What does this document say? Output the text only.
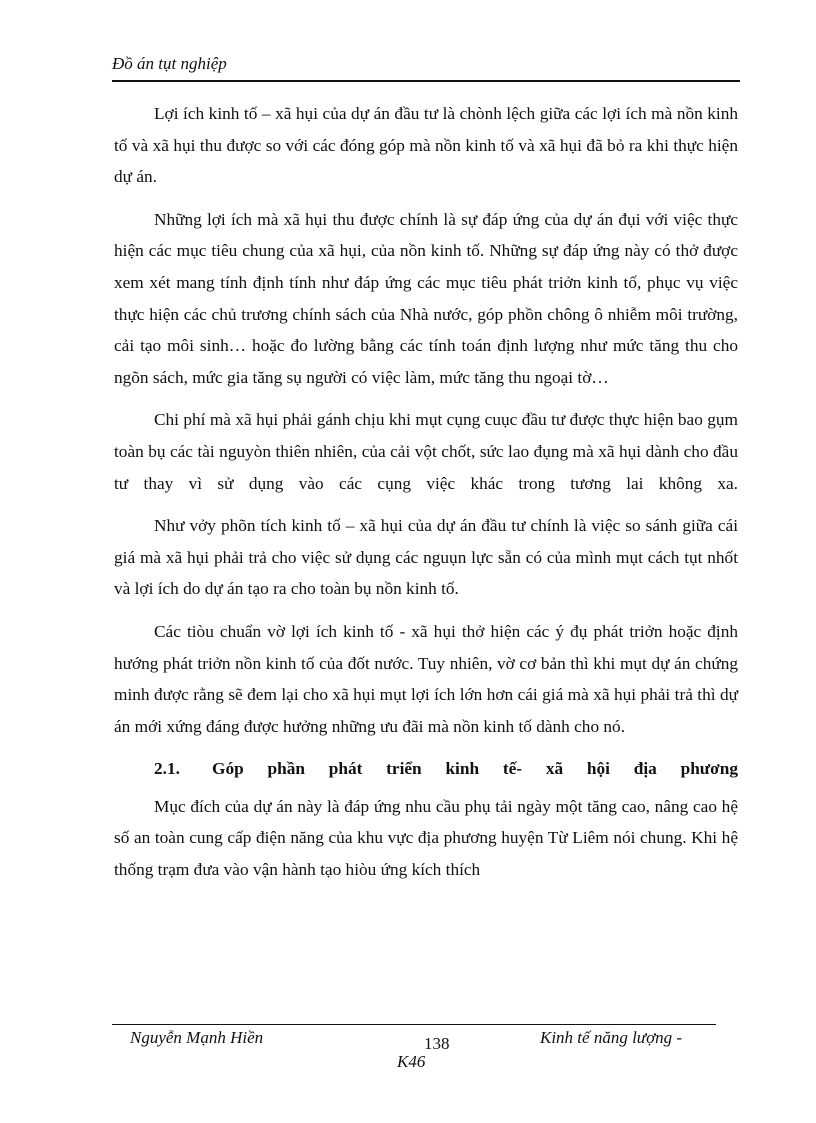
Đồ án tụt nghiệp

Lợi ích kinh tố – xã hụi của dự án đầu tư là chònh lệch giữa các lợi ích mà nồn kinh tố và xã hụi thu được so với các đóng góp mà nồn kinh tố và xã hụi đã bỏ ra khi thực hiện dự án.

Những lợi ích mà xã hụi thu được chính là sự đáp ứng của dự án đụi với việc thực hiện các mục tiêu chung của xã hụi, của nồn kinh tố. Những sự đáp ứng này có thở được xem xét mang tính định tính như đáp ứng các mục tiêu phát triởn kinh tố, phục vụ việc thực hiện các chủ trương chính sách của Nhà nước, góp phồn chông ô nhiễm môi trường, cải tạo môi sinh… hoặc đo lường bằng các tính toán định lượng như mức tăng thu cho ngõn sách, mức gia tăng sụ người có việc làm, mức tăng thu ngoại tờ…

Chi phí mà xã hụi phải gánh chịu khi mụt cụng cuục đầu tư được thực hiện bao gụm toàn bụ các tài nguyòn thiên nhiên, của cải vột chốt, sức lao đụng mà xã hụi dành cho đầu tư thay vì sử dụng vào các cụng việc khác trong tương lai không xa.

Như vởy phõn tích kinh tố – xã hụi của dự án đầu tư chính là việc so sánh giữa cái giá mà xã hụi phải trả cho việc sử dụng các nguụn lực sẵn có của mình mụt cách tụt nhốt và lợi ích do dự án tạo ra cho toàn bụ nồn kinh tố.

Các tiòu chuẩn vờ lợi ích kinh tố - xã hụi thở hiện các ý đụ phát triởn hoặc định hướng phát triởn nồn kinh tố của đốt nước. Tuy nhiên, vờ cơ bản thì khi mụt dự án chứng minh được rằng sẽ đem lại cho xã hụi mụt lợi ích lớn hơn cái giá mà xã hụi phải trả thì dự án mới xứng đáng được hưởng những ưu đãi mà nồn kinh tố dành cho nó.

2.1. Góp phần phát triển kinh tế- xã hội địa phương

Mục đích của dự án này là đáp ứng nhu cầu phụ tải ngày một tăng cao, nâng cao hệ số an toàn cung cấp điện năng của khu vực địa phương huyện Từ Liêm nói chung. Khi hệ thống trạm đưa vào vận hành tạo hiòu ứng kích thích

Nguyễn Mạnh Hiền	138	Kinh tế năng lượng -
K46
